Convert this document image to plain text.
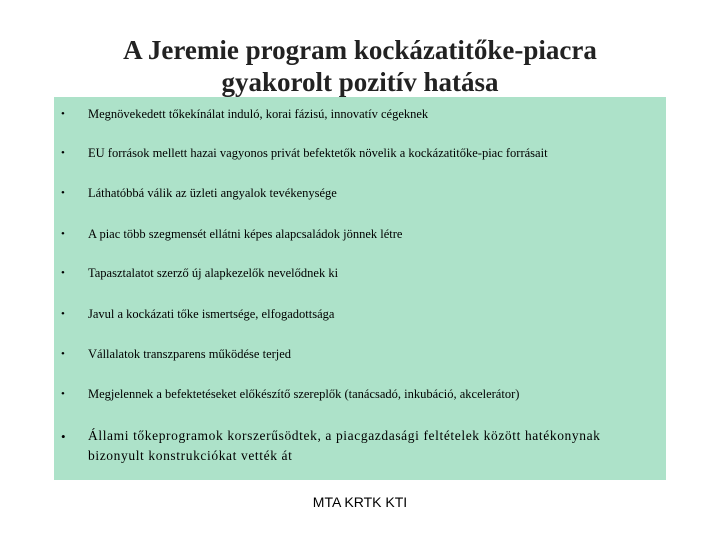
A Jeremie program kockázatitőke-piacra
gyakorolt pozitív hatása
• Megnövekedett tőkekínálat induló, korai fázisú, innovatív cégeknek
• EU források mellett hazai vagyonos privát befektetők növelik a kockázatitőke-piac forrásait
• Láthatóbbá válik az üzleti angyalok tevékenysége
• A piac több szegmensét ellátni képes alapcsaládok jönnek létre
• Tapasztalatot szerző új alapkezelők nevelődnek ki
• Javul a kockázati tőke ismertsége, elfogadottsága
• Vállalatok transzparens működése terjed
• Megjelennek a befektetéseket előkészítő szereplők (tanácsadó, inkubáció, akcelerátor)
• Állami tőkeprogramok korszerűsödtek, a piacgazdasági feltételek között hatékonynak bizonyult konstrukciókat vették át
MTA KRTK KTI
